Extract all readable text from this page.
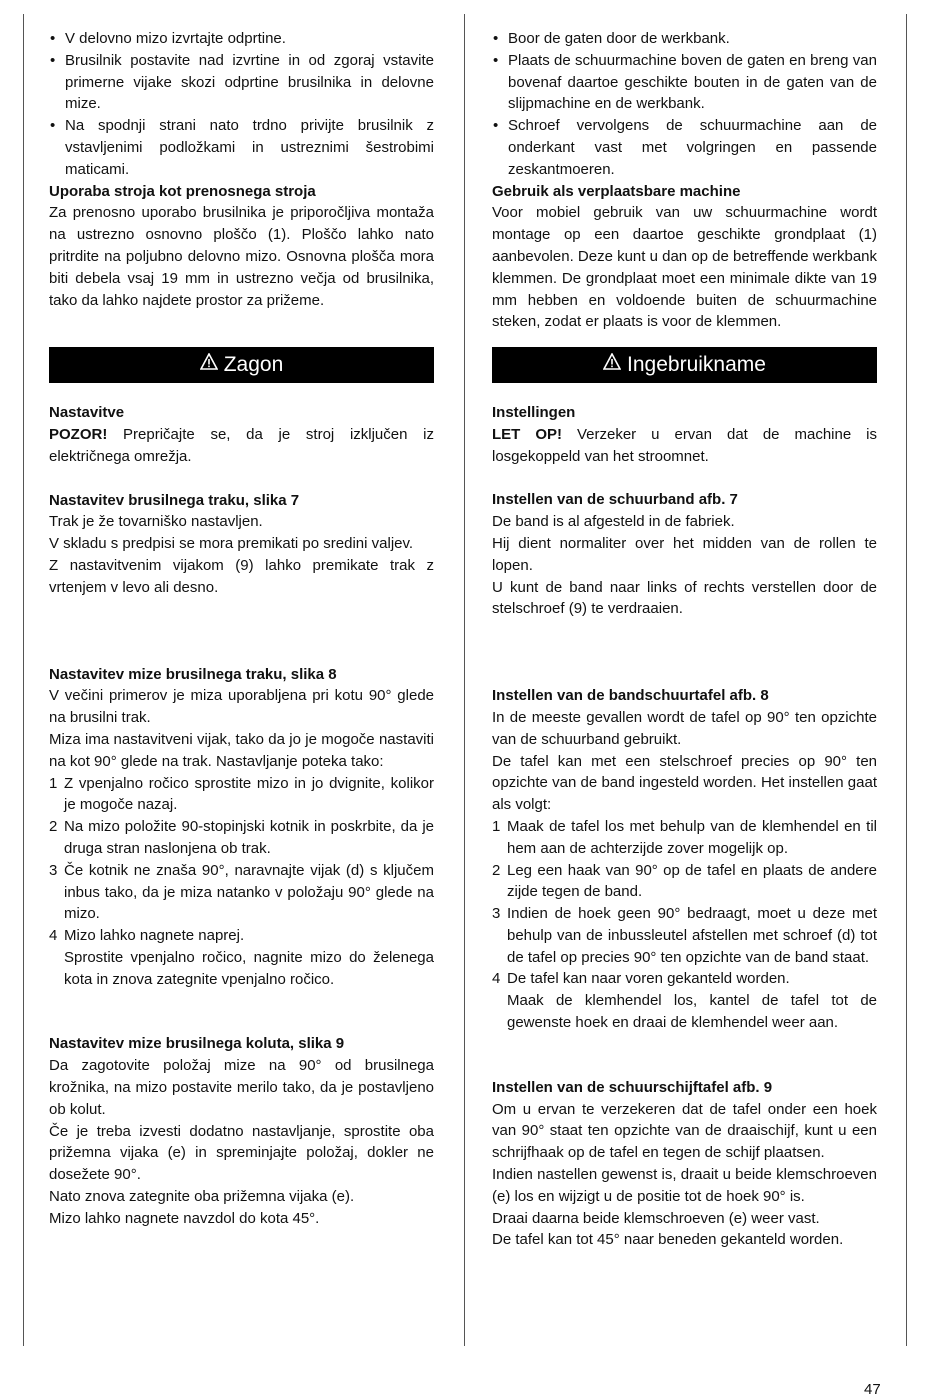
• V delovno mizo izvrtajte odprtine.
• Brusilnik postavite nad izvrtine in od zgoraj vstavite primerne vijake skozi odprtine brusilnika in delovne mize.
• Na spodnji strani nato trdno privijte brusilnik z vstavljenimi podložkami in ustreznimi šestrobimi maticami.

Uporaba stroja kot prenosnega stroja

Za prenosno uporabo brusilnika je priporočljiva montaža na ustrezno osnovno ploščo (1). Ploščo lahko nato pritrdite na poljubno delovno mizo. Osnovna plošča mora biti debela vsaj 19 mm in ustrezno večja od brusilnika, tako da lahko najdete prostor za prižeme.

Zagon

Nastavitve

POZOR! Prepričajte se, da je stroj izključen iz električnega omrežja.

Nastavitev brusilnega traku, slika 7

Trak je že tovarniško nastavljen.

V skladu s predpisi se mora premikati po sredini valjev.

Z nastavitvenim vijakom (9) lahko premikate trak z vrtenjem v levo ali desno.

Nastavitev mize brusilnega traku, slika 8

V večini primerov je miza uporabljena pri kotu 90° glede na brusilni trak.

Miza ima nastavitveni vijak, tako da jo je mogoče nastaviti na kot 90° glede na trak. Nastavljanje poteka tako:

1 Z vpenjalno ročico sprostite mizo in jo dvignite, kolikor je mogoče nazaj.
2 Na mizo položite 90-stopinjski kotnik in poskrbite, da je druga stran naslonjena ob trak.
3 Če kotnik ne znaša 90°, naravnajte vijak (d) s ključem inbus tako, da je miza natanko v položaju 90° glede na mizo.
4 Mizo lahko nagnete naprej.
Sprostite vpenjalno ročico, nagnite mizo do želenega kota in znova zategnite vpenjalno ročico.

Nastavitev mize brusilnega koluta, slika 9

Da zagotovite položaj mize na 90° od brusilnega krožnika, na mizo postavite merilo tako, da je postavljeno ob kolut.

Če je treba izvesti dodatno nastavljanje, sprostite oba prižemna vijaka (e) in spreminjajte položaj, dokler ne dosežete 90°.

Nato znova zategnite oba prižemna vijaka (e).

Mizo lahko nagnete navzdol do kota 45°.

• Boor de gaten door de werkbank.
• Plaats de schuurmachine boven de gaten en breng van bovenaf daartoe geschikte bouten in de gaten van de slijpmachine en de werkbank.
• Schroef vervolgens de schuurmachine aan de onderkant vast met volgringen en passende zeskantmoeren.

Gebruik als verplaatsbare machine

Voor mobiel gebruik van uw schuurmachine wordt montage op een daartoe geschikte grondplaat (1) aanbevolen. Deze kunt u dan op de betreffende werkbank klemmen. De grondplaat moet een minimale dikte van 19 mm hebben en voldoende buiten de schuurmachine steken, zodat er plaats is voor de klemmen.

Ingebruikname

Instellingen

LET OP! Verzeker u ervan dat de machine is losgekoppeld van het stroomnet.

Instellen van de schuurband afb. 7

De band is al afgesteld in de fabriek.

Hij dient normaliter over het midden van de rollen te lopen.

U kunt de band naar links of rechts verstellen door de stelschroef (9) te verdraaien.

Instellen van de bandschuurtafel afb. 8

In de meeste gevallen wordt de tafel op 90° ten opzichte van de schuurband gebruikt.

De tafel kan met een stelschroef precies op 90° ten opzichte van de band ingesteld worden. Het instellen gaat als volgt:

1 Maak de tafel los met behulp van de klemhendel en til hem aan de achterzijde zover mogelijk op.
2 Leg een haak van 90° op de tafel en plaats de andere zijde tegen de band.
3 Indien de hoek geen 90° bedraagt, moet u deze met behulp van de inbussleutel afstellen met schroef (d) tot de tafel op precies 90° ten opzichte van de band staat.
4 De tafel kan naar voren gekanteld worden.
Maak de klemhendel los, kantel de tafel tot de gewenste hoek en draai de klemhendel weer aan.

Instellen van de schuurschijftafel afb. 9

Om u ervan te verzekeren dat de tafel onder een hoek van 90° staat ten opzichte van de draaischijf, kunt u een schrijfhaak op de tafel en tegen de schijf plaatsen.

Indien nastellen gewenst is, draait u beide klemschroeven (e) los en wijzigt u de positie tot de hoek 90° is.

Draai daarna beide klemschroeven (e) weer vast.

De tafel kan tot 45° naar beneden gekanteld worden.

47
